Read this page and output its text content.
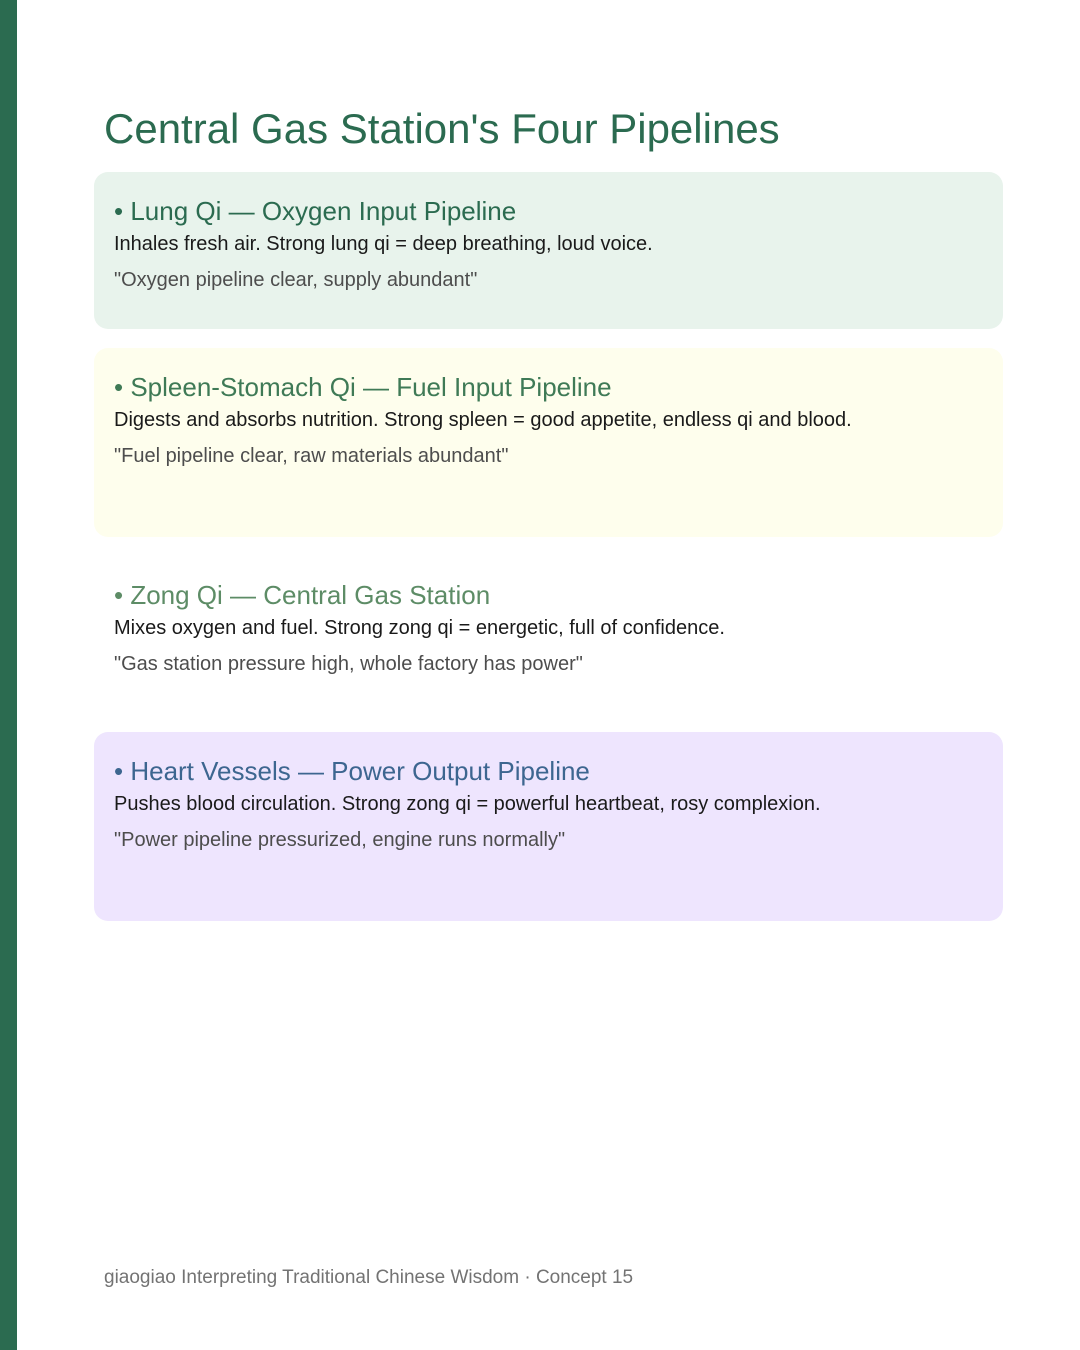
Central Gas Station's Four Pipelines
• Lung Qi — Oxygen Input Pipeline
Inhales fresh air. Strong lung qi = deep breathing, loud voice.
"Oxygen pipeline clear, supply abundant"
• Spleen-Stomach Qi — Fuel Input Pipeline
Digests and absorbs nutrition. Strong spleen = good appetite, endless qi and blood.
"Fuel pipeline clear, raw materials abundant"
• Zong Qi — Central Gas Station
Mixes oxygen and fuel. Strong zong qi = energetic, full of confidence.
"Gas station pressure high, whole factory has power"
• Heart Vessels — Power Output Pipeline
Pushes blood circulation. Strong zong qi = powerful heartbeat, rosy complexion.
"Power pipeline pressurized, engine runs normally"
giaogiao Interpreting Traditional Chinese Wisdom · Concept 15
